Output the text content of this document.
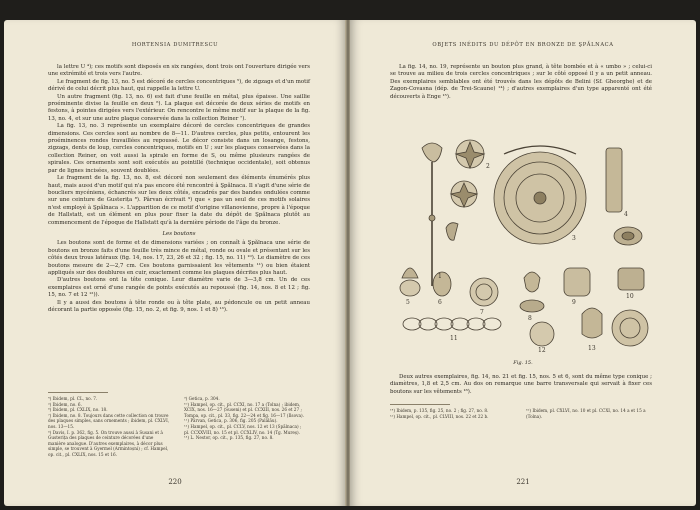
HORTENSIA DUMITRESCU

la lettre U ⁴); ces motifs sont disposés en six rangées, dont trois ont l'ouverture dirigée vers une extrémité et trois vers l'autre.

Le fragment de fig. 13, no. 5 est décoré de cercles concentriques ⁵), de zigzags et d'un motif dérivé de celui décrit plus haut, qui rappelle la lettre U.

Un autre fragment (fig. 13, no. 6) est fait d'une feuille en métal, plus épaisse. Une saillie proéminente divise la feuille en deux ⁶). La plaque est décorée de deux séries de motifs en festons, à pointes dirigées vers l'extérieur. On rencontre le même motif sur la plaque de la fig. 13, no. 4, et sur une autre plaque conservée dans la collection Reiner ⁷).

La fig. 13, no. 3 représente un exemplaire décoré de cercles concentriques de grandes dimensions. Ces cercles sont au nombre de 8—11. D'autres cercles, plus petits, entourent les proéminences rondes travaillées au repoussé. Le décor consiste dans un losange, festons, zigzags, dents de loup, cercles concentriques, motifs en U ; sur les plaques conservées dans la collection Reiner, on voit aussi la spirale en forme de S, ou même plusieurs rangées de spirales. Ces ornements sont soit exécutés au pointillé (technique occidentale), soit obtenus par de lignes incisées, souvent doublées.

Le fragment de la fig. 13, no. 8, est décoré non seulement des éléments énumérés plus haut, mais aussi d'un motif qui n'a pas encore été rencontré à Şpălnaca. Il s'agit d'une série de boucliers mycéniens, échancrés sur les deux côtés, encadrés par des bandes ondulées comme sur une ceinture de Gusterița ⁸). Pârvan écrivait ⁹) que « pas un seul de ces motifs solaires n'est employé à Şpălnaca ». L'apparition de ce motif d'origine villanovienne, propre à l'époque de Hallstatt, est un élément en plus pour fixer la date du dépôt de Şpălnaca plutôt au commencement de l'époque de Hallstatt qu'à la dernière période de l'âge du bronze.

Les boutons

Les boutons sont de forme et de dimensions variées ; on connaît à Şpălnaca une série de boutons en bronze faits d'une feuille très mince de métal, ronde ou ovale et présentant sur les côtés deux trous latéraux (fig. 14, nos. 17, 23, 26 et 32 ; fig. 15, no. 11) ¹⁰). Le diamètre de ces boutons mesure de 2—2,7 cm. Ces boutons garnissaient les vêtements ¹¹) ou bien étaient appliqués sur des doublures en cuir, exactement comme les plaques décrites plus haut.

D'autres boutons ont la tête conique. Leur diamètre varie de 3—3,8 cm. Un de ces exemplaires est orné d'une rangée de points exécutés au repoussé (fig. 14, nos. 8 et 12 ; fig. 15, no. 7 et 12 ¹²)).

Il y a aussi des boutons à tête ronde ou à tête plate, au pédoncule ou un petit anneau décorant la partie opposée (fig. 15, no. 2, et fig. 9, nos. 1 et 8) ¹³).

⁴) Ibidem, pl. CL, no. 7.

⁵) Ibidem, no. 6.

⁶) Ibidem, pl. CXLIX, no. 18.

⁷) Ibidem, no. 8. Toujours dans cette collection on trouve des plaques simples, sans ornements ; ibidem, pl. CXLVI, nos. 13—15.

⁸) Davis, I. p. 362, fig. 5. On trouve aussi à Susani et à Gusterița des plaques de ceinture décorées d'une manière analogue. D'autres exemplaires, à décor plus simple, se trouvent à Gyermel (Armintoșni) ; cf. Hampel, op. cit., pl. CXLIX, nos. 15 et 16.

⁹) Getica, p. 304.

¹⁰) Hampel, op. cit., pl. CCXI, no. 17 a (Tolna) ; ibidem, XCIX, nos. 16—27 (Suseni) et pl. CCXIII, nos. 26 et 27 ; Tompa, op. cit., pl. 33, fig. 22—24 et fig. 16—17 (Ilsova).

¹¹) Pârvan, Getica, p. 306, fig. 205 (Palălău).

¹²) Hampel, op. cit., pl. CCLV, nos. 12 et 13 (Spălnaca) ; pl. CCXXVIII, no. 15 et pl. CCXLIV, no. 14 (Tg. Mureș).

¹³) L. Nestor, op. cit., p. 135, fig. 27, no. 8.

220
OBJETS INÉDITS DU DÉPÔT EN BRONZE DE ŞPĂLNACA

La fig. 14, no. 19, représente un bouton plus grand, à tête bombée et à « umbo » ; celui-ci se trouve au milieu de trois cercles concentriques ; sur le côté opposé il y a un petit anneau. Des exemplaires semblables ont été trouvés dans les dépôts de Belini (Sf. Gheorghe) et de Zagon-Covasna (dép. de Trei-Scaune) ¹⁴) ; d'autres exemplaires d'un type apparenté ont été découverts à Enge ¹⁵).

1
2
3
4
5	6
7
8
9
10
11
12	13
Fig. 15.

Deux autres exemplaires, fig. 14, no. 21 et fig. 15, nos. 5 et 6, sont du même type conique ; diamètres, 1,8 et 2,5 cm. Au dos on remarque une barre transversale qui servait à fixer ces boutons sur les vêtements ¹⁶).

¹⁴) Ibidem, p. 135, fig. 25, no. 2 ; fig. 27, no. 8.

¹⁵) Hampel, op. cit., pl. CLVIII, nos. 22 et 22 b.

¹⁶) Ibidem, pl. CXLVI, no. 10 et pl. CCXI, no. 14 a et 15 a (Tolna).

221
